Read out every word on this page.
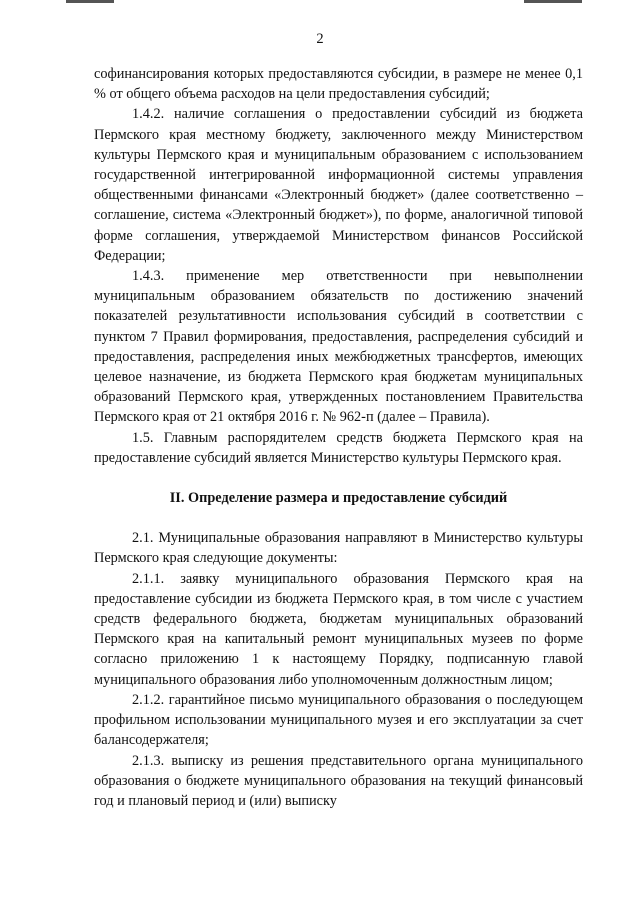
2

софинансирования которых предоставляются субсидии, в размере не менее 0,1 % от общего объема расходов на цели предоставления субсидий;

1.4.2. наличие соглашения о предоставлении субсидий из бюджета Пермского края местному бюджету, заключенного между Министерством культуры Пермского края и муниципальным образованием с использованием государственной интегрированной информационной системы управления общественными финансами «Электронный бюджет» (далее соответственно – соглашение, система «Электронный бюджет»), по форме, аналогичной типовой форме соглашения, утверждаемой Министерством финансов Российской Федерации;

1.4.3. применение мер ответственности при невыполнении муниципальным образованием обязательств по достижению значений показателей результативности использования субсидий в соответствии с пунктом 7 Правил формирования, предоставления, распределения субсидий и предоставления, распределения иных межбюджетных трансфертов, имеющих целевое назначение, из бюджета Пермского края бюджетам муниципальных образований Пермского края, утвержденных постановлением Правительства Пермского края от 21 октября 2016 г. № 962-п (далее – Правила).

1.5. Главным распорядителем средств бюджета Пермского края на предоставление субсидий является Министерство культуры Пермского края.

II. Определение размера и предоставление субсидий

2.1. Муниципальные образования направляют в Министерство культуры Пермского края следующие документы:

2.1.1. заявку муниципального образования Пермского края на предоставление субсидии из бюджета Пермского края, в том числе с участием средств федерального бюджета, бюджетам муниципальных образований Пермского края на капитальный ремонт муниципальных музеев по форме согласно приложению 1 к настоящему Порядку, подписанную главой муниципального образования либо уполномоченным должностным лицом;

2.1.2. гарантийное письмо муниципального образования о последующем профильном использовании муниципального музея и его эксплуатации за счет балансодержателя;

2.1.3. выписку из решения представительного органа муниципального образования о бюджете муниципального образования на текущий финансовый год и плановый период и (или) выписку
